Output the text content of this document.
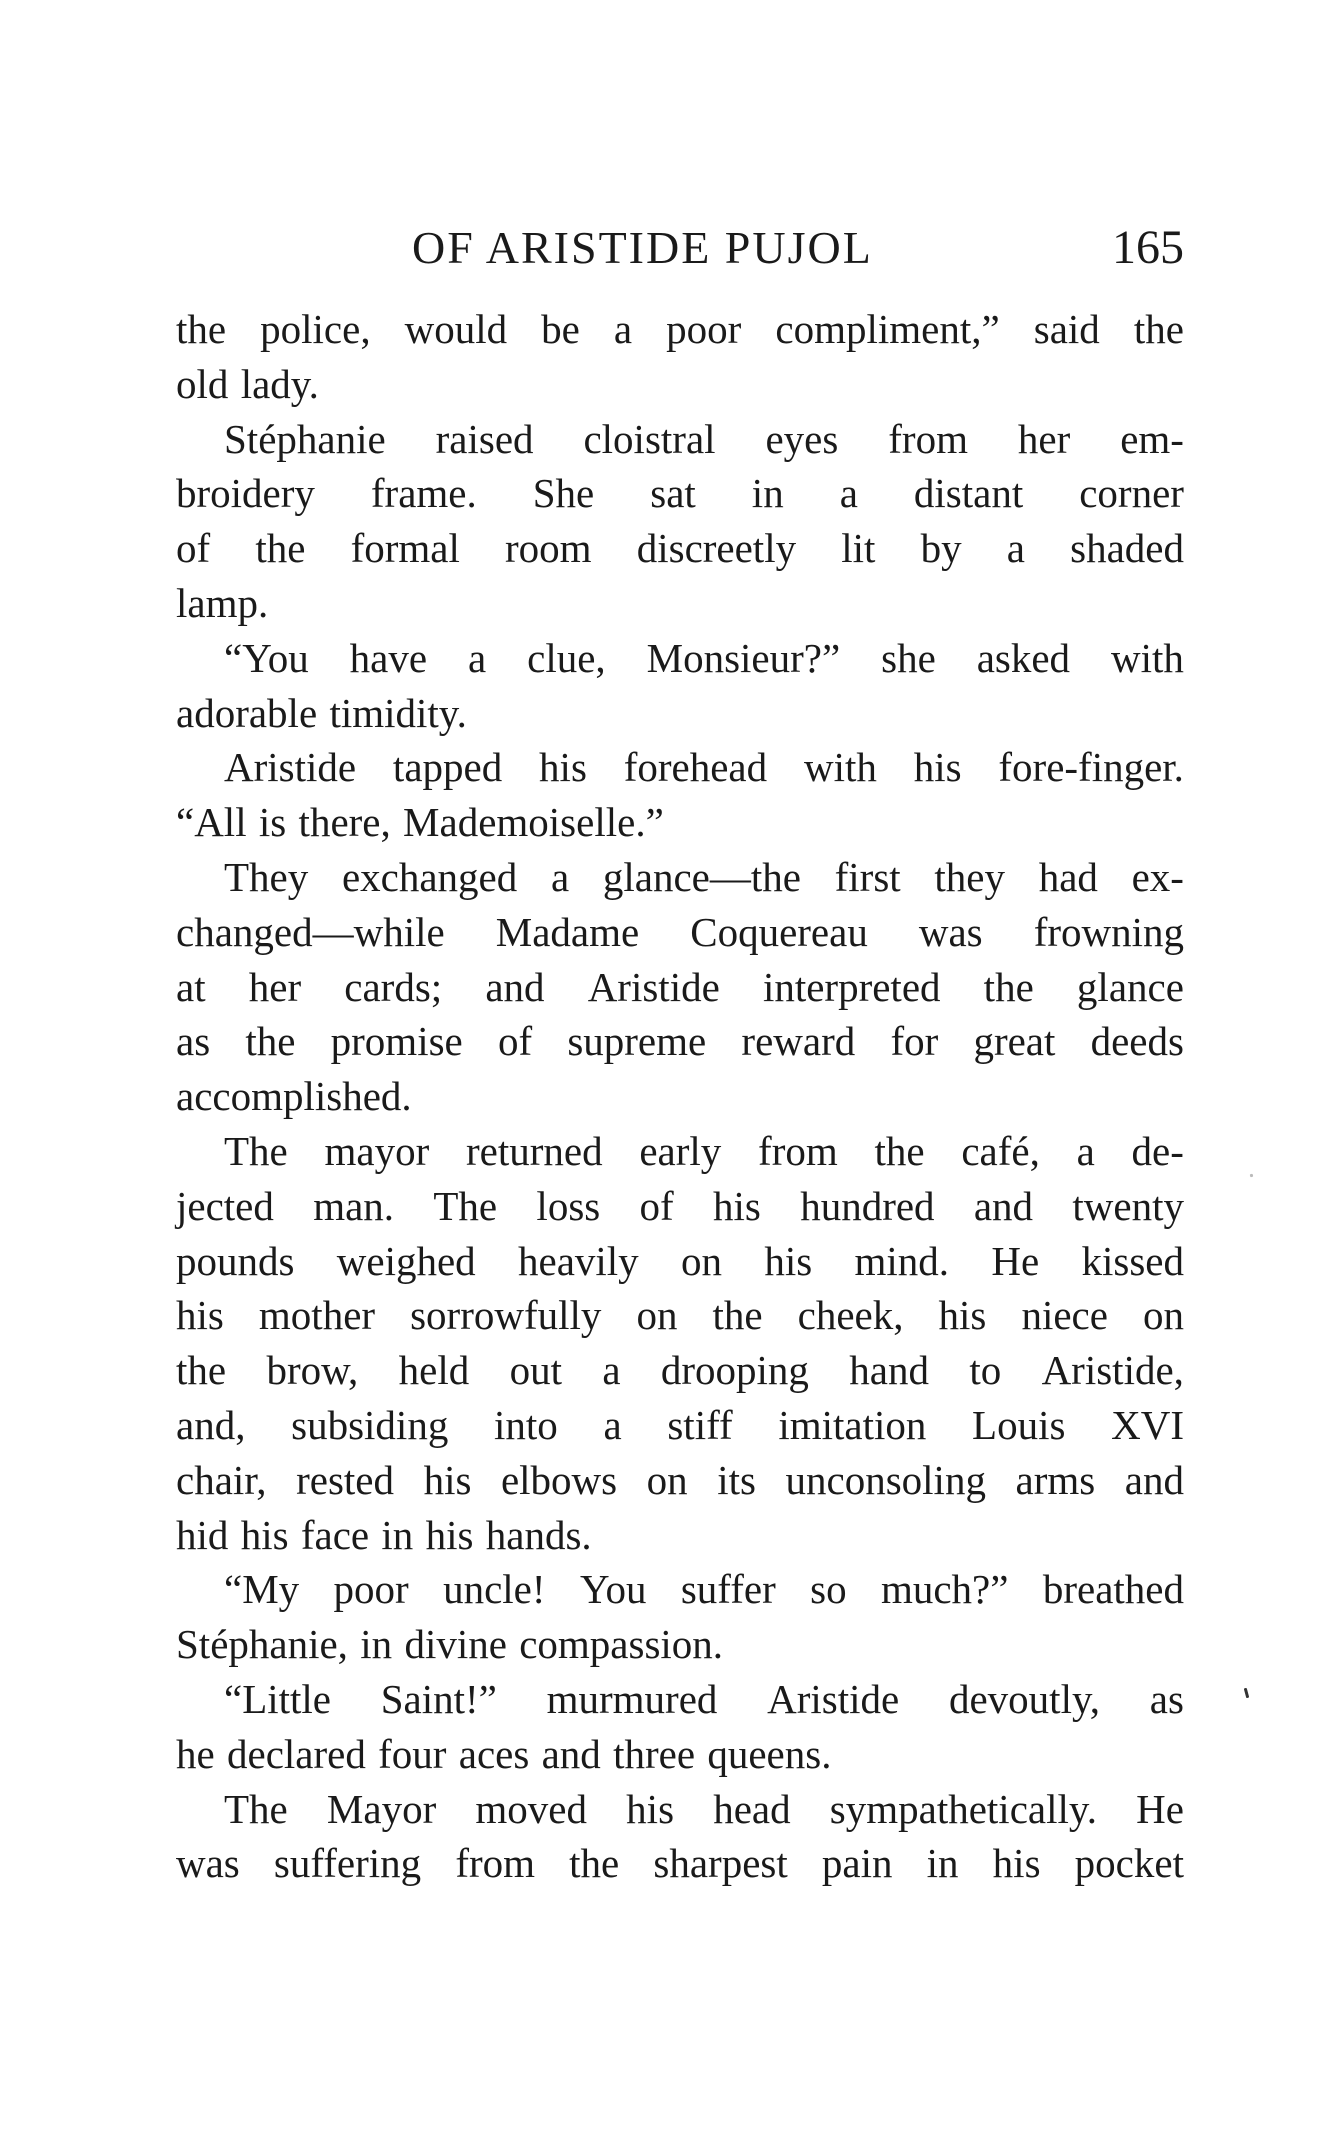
OF ARISTIDE PUJOL	165
the police, would be a poor compliment,” said the
old lady.
Stéphanie raised cloistral eyes from her em-
broidery frame. She sat in a distant corner
of the formal room discreetly lit by a shaded
lamp.
“You have a clue, Monsieur?” she asked with
adorable timidity.
Aristide tapped his forehead with his fore-finger.
“All is there, Mademoiselle.”
They exchanged a glance—the first they had ex-
changed—while Madame Coquereau was frowning
at her cards; and Aristide interpreted the glance
as the promise of supreme reward for great deeds
accomplished.
The mayor returned early from the café, a de-
jected man. The loss of his hundred and twenty
pounds weighed heavily on his mind. He kissed
his mother sorrowfully on the cheek, his niece on
the brow, held out a drooping hand to Aristide,
and, subsiding into a stiff imitation Louis XVI
chair, rested his elbows on its unconsoling arms and
hid his face in his hands.
“My poor uncle! You suffer so much?” breathed
Stéphanie, in divine compassion.
“Little Saint!” murmured Aristide devoutly, as
he declared four aces and three queens.
The Mayor moved his head sympathetically. He
was suffering from the sharpest pain in his pocket
